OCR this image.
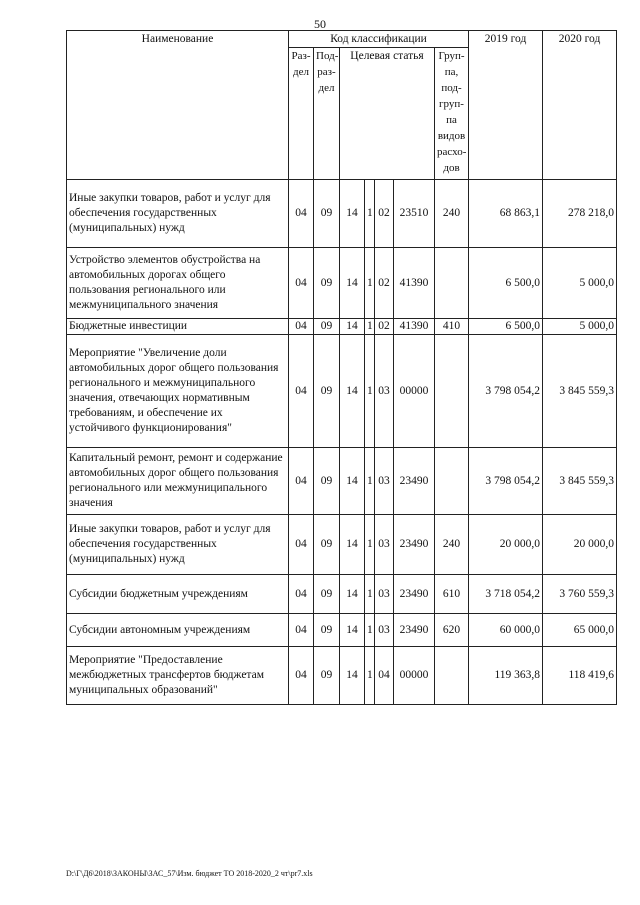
50
Наименование	Код классификации							2019 год	2020 год
	Раз-дел	Под-раз-дел	Целевая статья				Груп-па, под-груп-па видов расхо-дов		
Иные закупки товаров, работ и услуг для обеспечения государственных (муниципальных) нужд	04	09	14	1	02	23510	240	68 863,1	278 218,0
Устройство элементов обустройства на автомобильных дорогах общего пользования регионального или межмуниципального значения	04	09	14	1	02	41390		6 500,0	5 000,0
Бюджетные инвестиции	04	09	14	1	02	41390	410	6 500,0	5 000,0
Мероприятие "Увеличение доли автомобильных дорог общего пользования регионального и межмуниципального значения, отвечающих нормативным требованиям, и обеспечение их устойчивого функционирования"	04	09	14	1	03	00000		3 798 054,2	3 845 559,3
Капитальный ремонт, ремонт и содержание автомобильных дорог общего пользования регионального или межмуниципального значения	04	09	14	1	03	23490		3 798 054,2	3 845 559,3
Иные закупки товаров, работ и услуг для обеспечения государственных (муниципальных) нужд	04	09	14	1	03	23490	240	20 000,0	20 000,0
Субсидии бюджетным учреждениям	04	09	14	1	03	23490	610	3 718 054,2	3 760 559,3
Субсидии автономным учреждениям	04	09	14	1	03	23490	620	60 000,0	65 000,0
Мероприятие "Предоставление межбюджетных трансфертов бюджетам муниципальных образований"	04	09	14	1	04	00000		119 363,8	118 419,6
D:\Г\Д6\2018\ЗАКОНЫ\ЗАС_57\Изм. бюджет ТО 2018-2020_2 чт\pr7.xls
